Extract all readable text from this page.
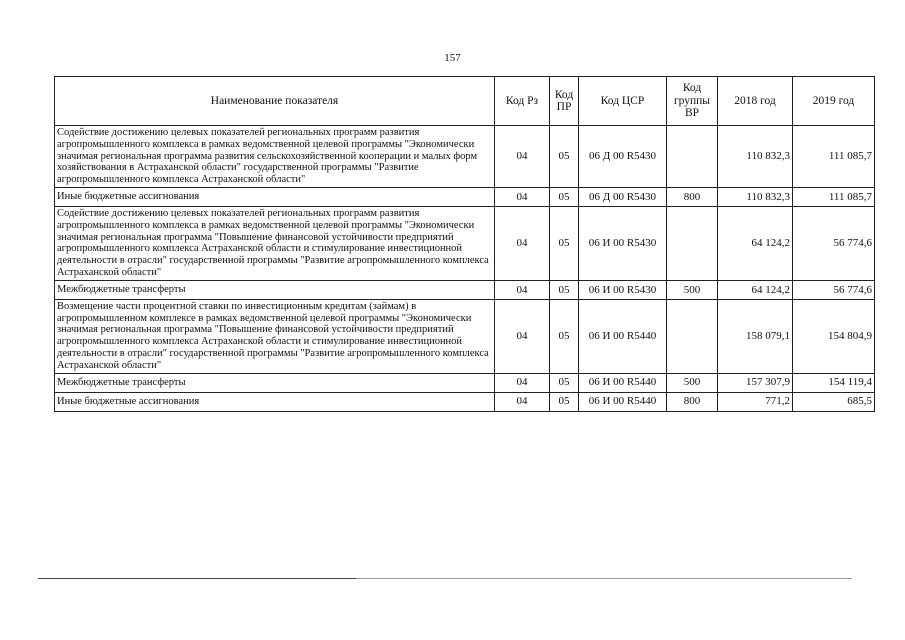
157
Наименование показателя	Код Рз	Код ПР	Код ЦСР	Код группы ВР	2018 год	2019 год
Содействие достижению целевых показателей региональных программ развития агропромышленного комплекса в рамках ведомственной целевой программы "Экономически значимая региональная программа развития сельскохозяйственной кооперации и малых форм хозяйствования в Астраханской области" государственной программы "Развитие агропромышленного комплекса Астраханской области"	04	05	06 Д 00 R5430		110 832,3	111 085,7
Иные бюджетные ассигнования	04	05	06 Д 00 R5430	800	110 832,3	111 085,7
Содействие достижению целевых показателей региональных программ развития агропромышленного комплекса в рамках ведомственной целевой программы "Экономически значимая региональная программа "Повышение финансовой устойчивости предприятий агропромышленного комплекса Астраханской области и стимулирование инвестиционной деятельности в отрасли" государственной программы "Развитие агропромышленного комплекса Астраханской области"	04	05	06 И 00 R5430		64 124,2	56 774,6
Межбюджетные трансферты	04	05	06 И 00 R5430	500	64 124,2	56 774,6
Возмещение части процентной ставки по инвестиционным кредитам (займам) в агропромышленном комплексе в рамках ведомственной целевой программы "Экономически значимая региональная программа "Повышение финансовой устойчивости предприятий агропромышленного комплекса Астраханской области и стимулирование инвестиционной деятельности в отрасли" государственной программы "Развитие агропромышленного комплекса Астраханской области"	04	05	06 И 00 R5440		158 079,1	154 804,9
Межбюджетные трансферты	04	05	06 И 00 R5440	500	157 307,9	154 119,4
Иные бюджетные ассигнования	04	05	06 И 00 R5440	800	771,2	685,5
